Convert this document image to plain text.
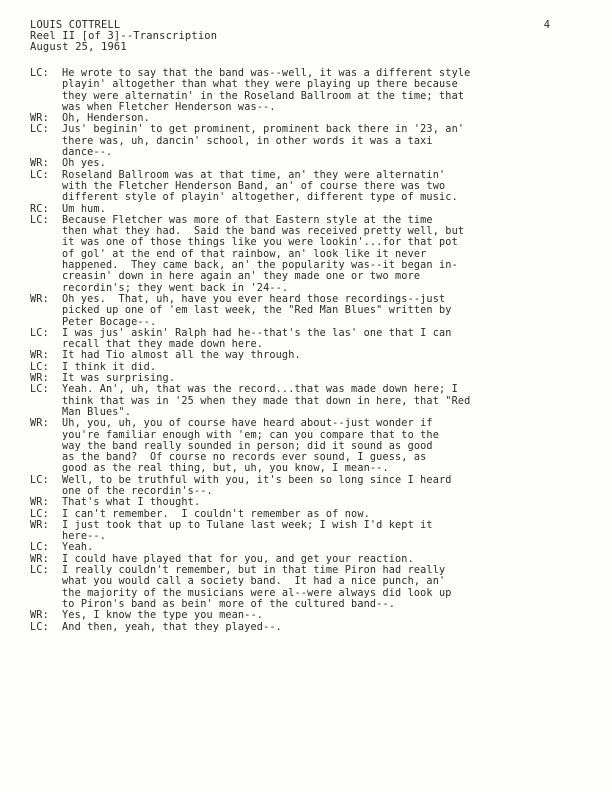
LOUIS COTTRELL
Reel II [of 3]--Transcription
August 25, 1961
4
LC:	He wrote to say that the band was--well, it was a different style
playin' altogether than what they were playing up there because
they were alternatin' in the Roseland Ballroom at the time; that
was when Fletcher Henderson was--.
WR:	Oh, Henderson.
LC:	Jus' beginin' to get prominent, prominent back there in '23, an'
there was, uh, dancin' school, in other words it was a taxi
dance--.
WR:	Oh yes.
LC:	Roseland Ballroom was at that time, an' they were alternatin'
with the Fletcher Henderson Band, an' of course there was two
different style of playin' altogether, different type of music.
RC:	Um hum.
LC:	Because Fletcher was more of that Eastern style at the time
then what they had.  Said the band was received pretty well, but
it was one of those things like you were lookin'...for that pot
of gol' at the end of that rainbow, an' look like it never
happened.  They came back, an' the popularity was--it began in-
creasin' down in here again an' they made one or two more
recordin's; they went back in '24--.
WR:	Oh yes.  That, uh, have you ever heard those recordings--just
picked up one of 'em last week, the "Red Man Blues" written by
Peter Bocage--.
LC:	I was jus' askin' Ralph had he--that's the las' one that I can
recall that they made down here.
WR:	It had Tio almost all the way through.
LC:	I think it did.
WR:	It was surprising.
LC:	Yeah. An', uh, that was the record...that was made down here; I
think that was in '25 when they made that down in here, that "Red
Man Blues".
WR:	Uh, you, uh, you of course have heard about--just wonder if
you're familiar enough with 'em; can you compare that to the
way the band really sounded in person; did it sound as good
as the band?  Of course no records ever sound, I guess, as
good as the real thing, but, uh, you know, I mean--.
LC:	Well, to be truthful with you, it's been so long since I heard
one of the recordin's--.
WR:	That's what I thought.
LC:	I can't remember.  I couldn't remember as of now.
WR:	I just took that up to Tulane last week; I wish I'd kept it
here--.
LC:	Yeah.
WR:	I could have played that for you, and get your reaction.
LC:	I really couldn't remember, but in that time Piron had really
what you would call a society band.  It had a nice punch, an'
the majority of the musicians were al--were always did look up
to Piron's band as bein' more of the cultured band--.
WR:	Yes, I know the type you mean--.
LC:	And then, yeah, that they played--.
